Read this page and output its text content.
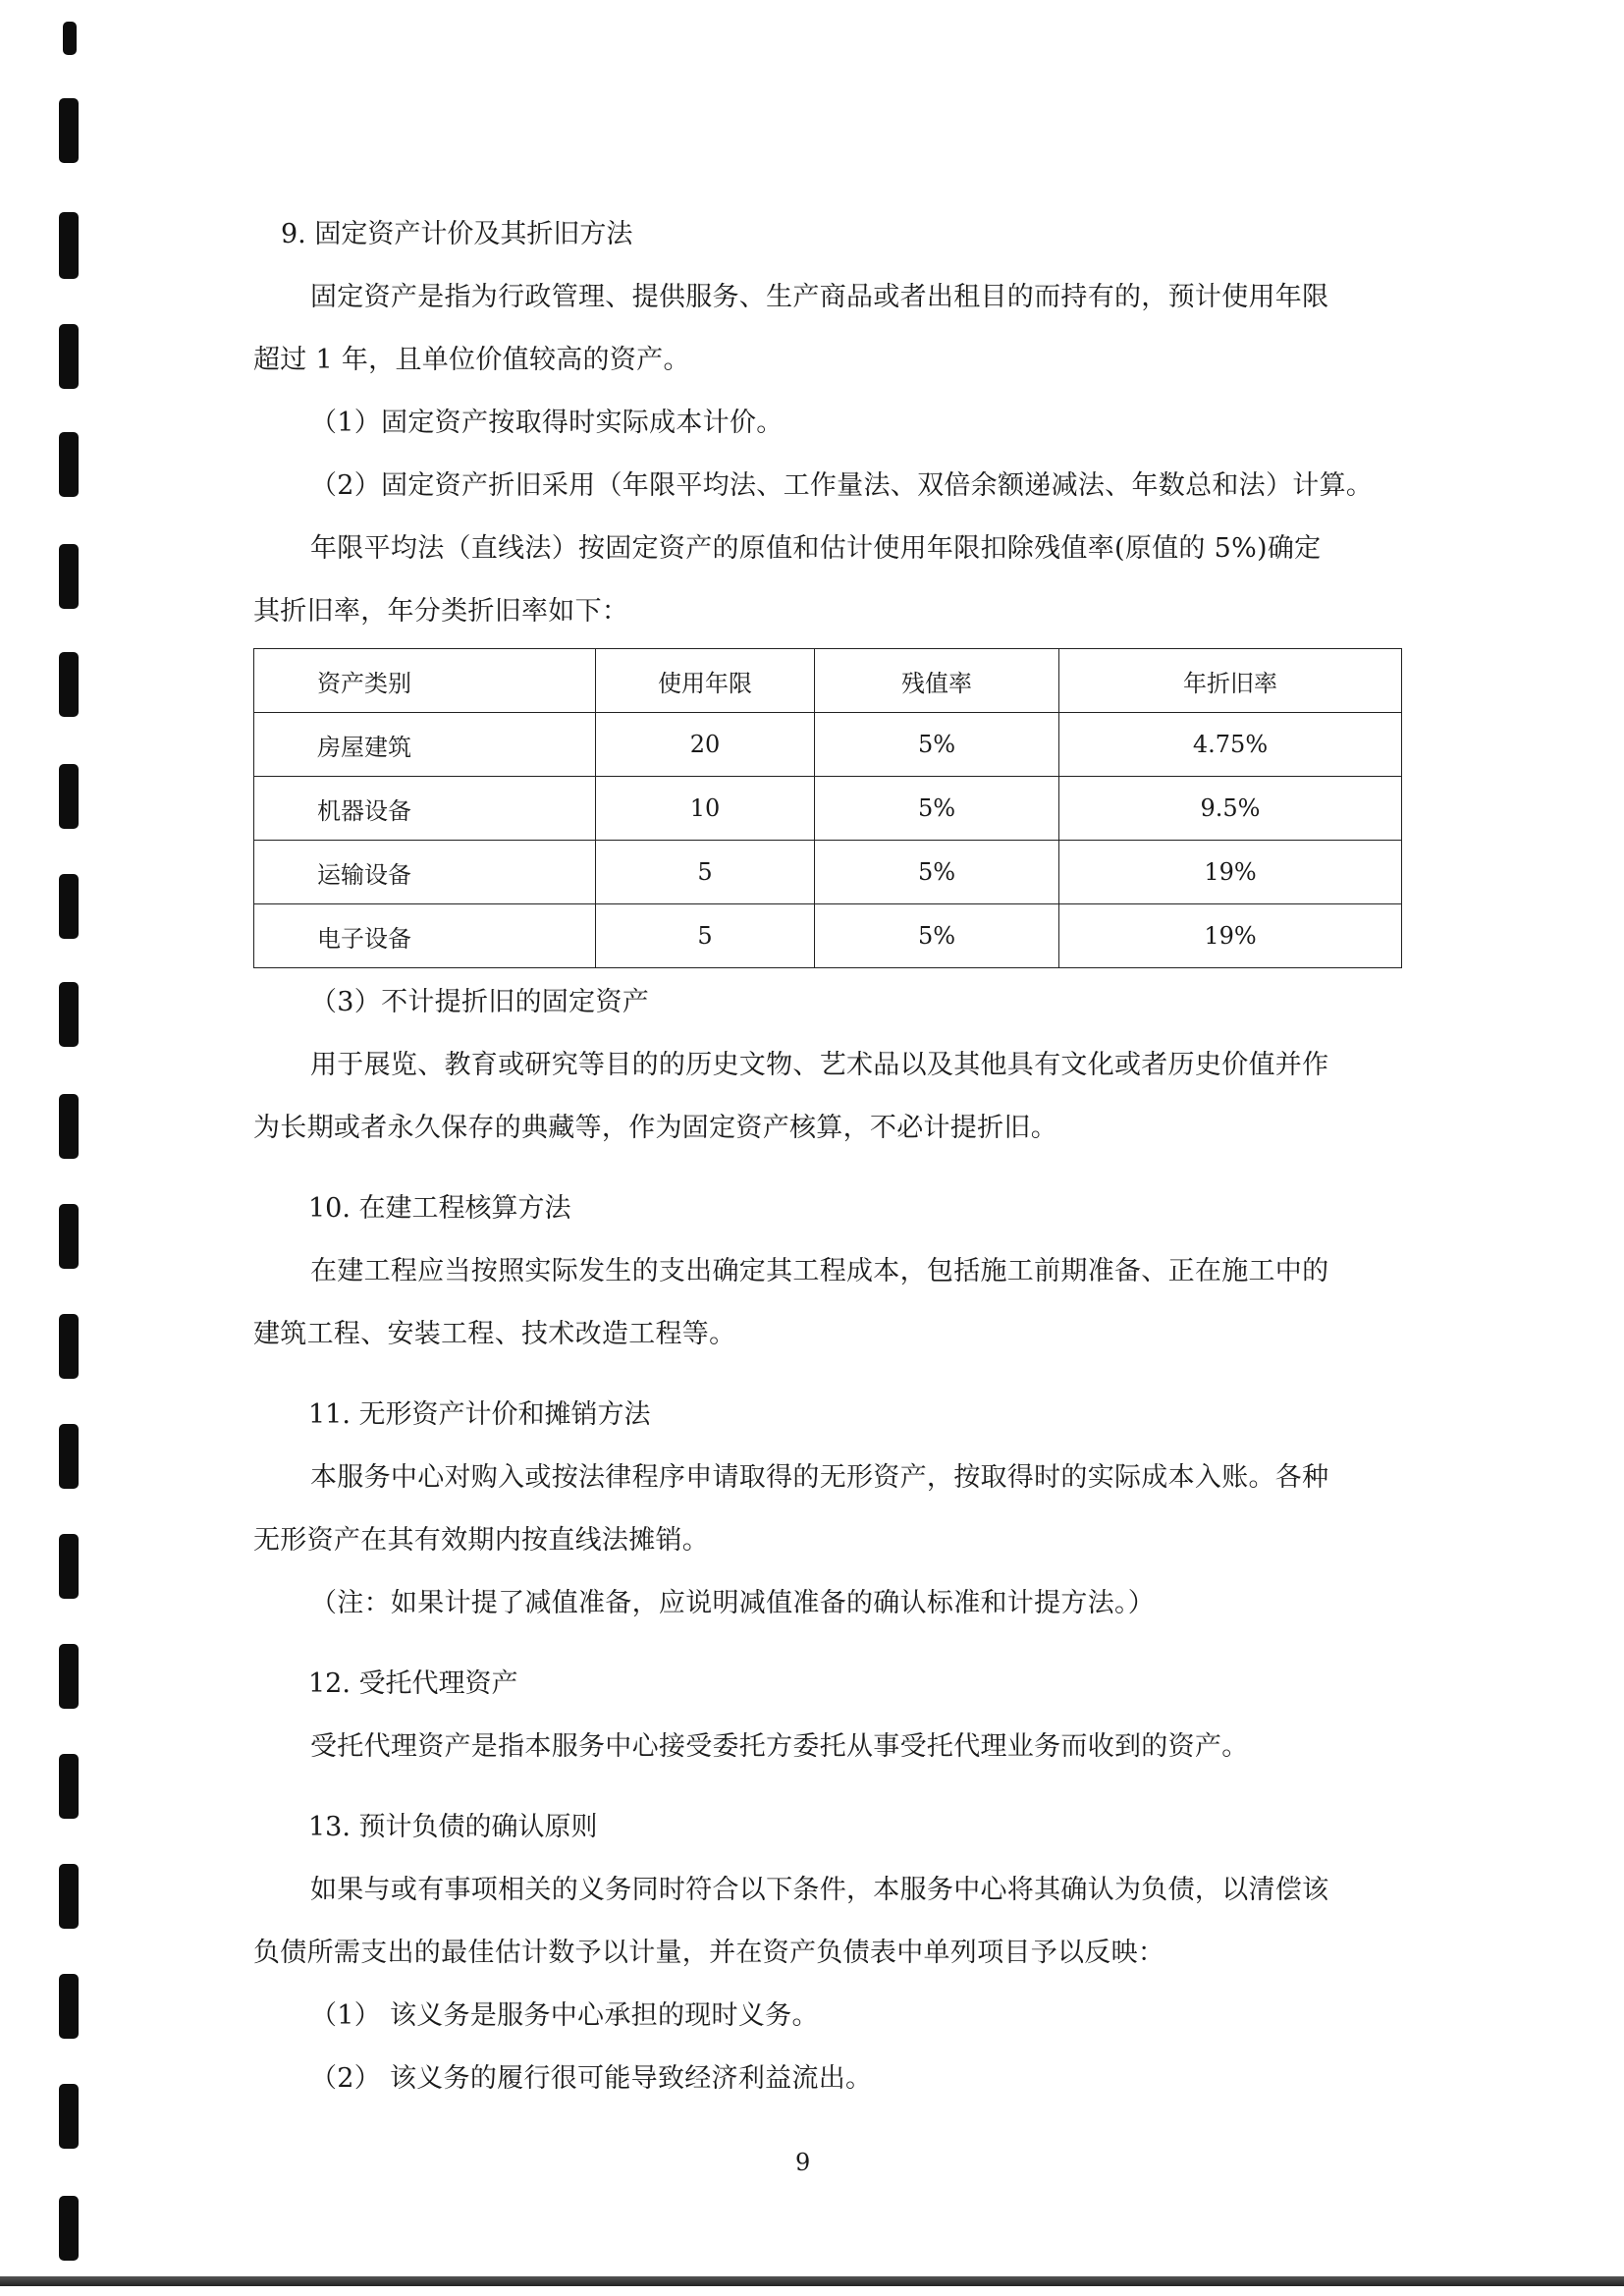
9. 固定资产计价及其折旧方法

固定资产是指为行政管理、提供服务、生产商品或者出租目的而持有的，预计使用年限

超过 1 年，且单位价值较高的资产。

（1）固定资产按取得时实际成本计价。

（2）固定资产折旧采用（年限平均法、工作量法、双倍余额递减法、年数总和法）计算。

年限平均法（直线法）按固定资产的原值和估计使用年限扣除残值率(原值的 5%)确定

其折旧率，年分类折旧率如下：

资产类别	使用年限	残值率	年折旧率
房屋建筑	20	5%	4.75%
机器设备	10	5%	9.5%
运输设备	5	5%	19%
电子设备	5	5%	19%

（3）不计提折旧的固定资产

用于展览、教育或研究等目的的历史文物、艺术品以及其他具有文化或者历史价值并作

为长期或者永久保存的典藏等，作为固定资产核算，不必计提折旧。

10. 在建工程核算方法

在建工程应当按照实际发生的支出确定其工程成本，包括施工前期准备、正在施工中的

建筑工程、安装工程、技术改造工程等。

11. 无形资产计价和摊销方法

本服务中心对购入或按法律程序申请取得的无形资产，按取得时的实际成本入账。各种

无形资产在其有效期内按直线法摊销。

（注：如果计提了减值准备，应说明减值准备的确认标准和计提方法。）

12. 受托代理资产

受托代理资产是指本服务中心接受委托方委托从事受托代理业务而收到的资产。

13. 预计负债的确认原则

如果与或有事项相关的义务同时符合以下条件，本服务中心将其确认为负债，以清偿该

负债所需支出的最佳估计数予以计量，并在资产负债表中单列项目予以反映：

（1） 该义务是服务中心承担的现时义务。

（2） 该义务的履行很可能导致经济利益流出。

9
